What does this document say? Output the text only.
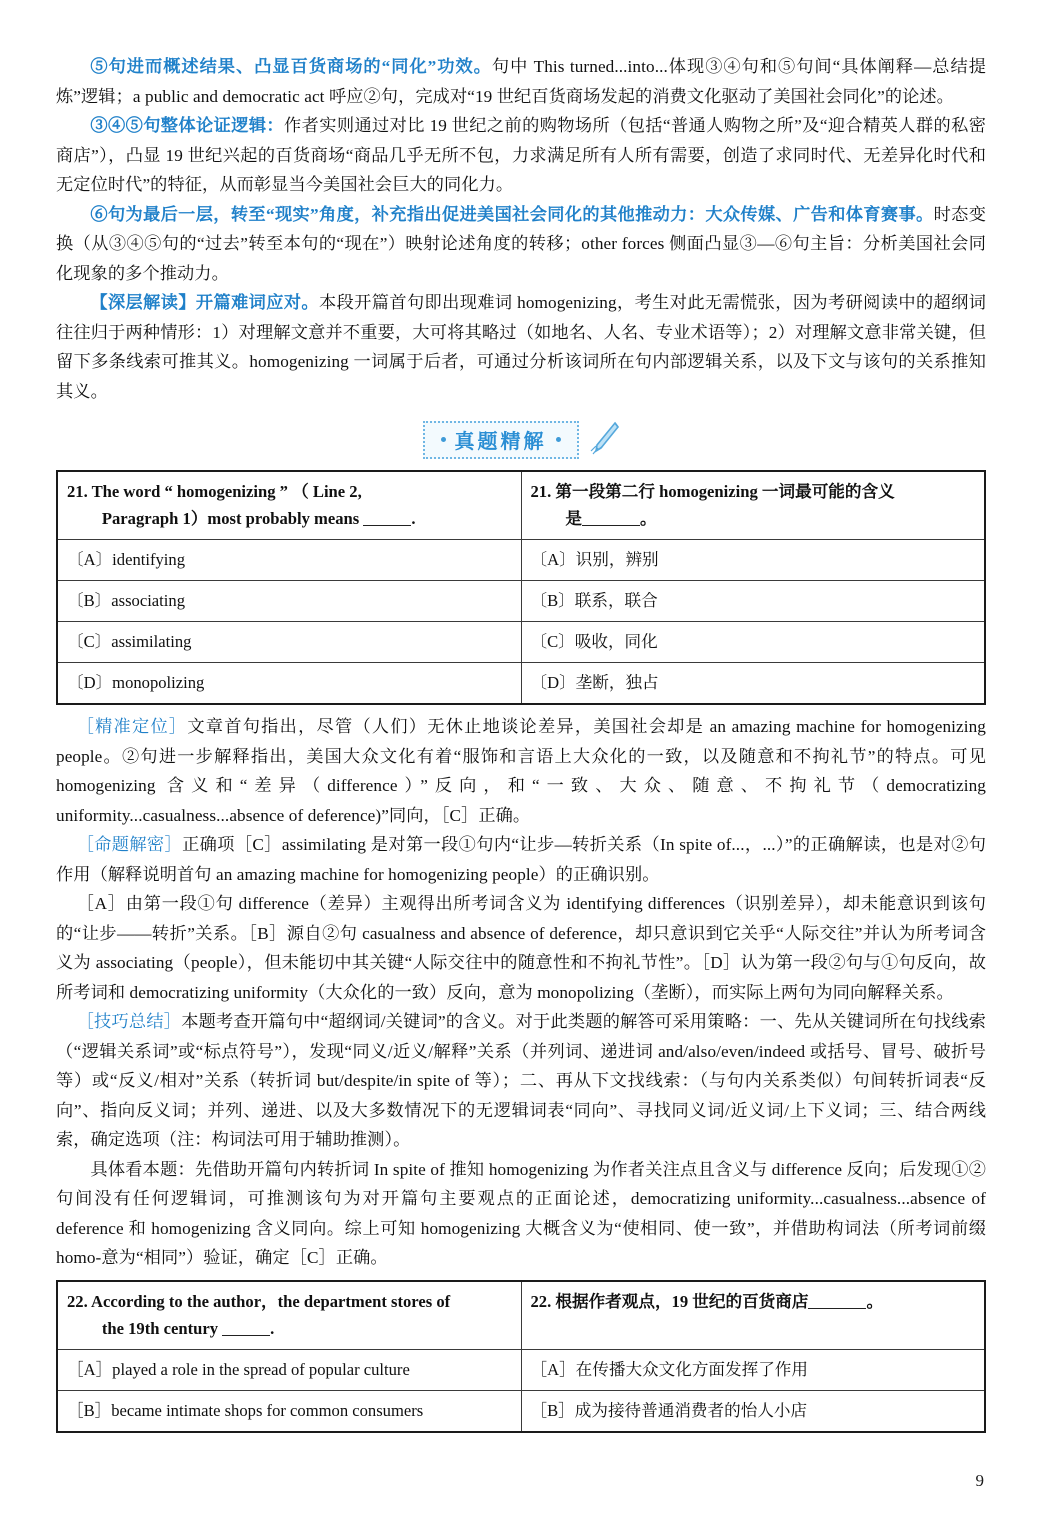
⑤句进而概述结果、凸显百货商场的“同化”功效。句中 This turned...into...体现③④句和⑤句间“具体阐释—总结提炼”逻辑；a public and democratic act 呼应②句，完成对“19 世纪百货商场发起的消费文化驱动了美国社会同化”的论述。

③④⑤句整体论证逻辑：作者实则通过对比 19 世纪之前的购物场所（包括“普通人购物之所”及“迎合精英人群的私密商店”），凸显 19 世纪兴起的百货商场“商品几乎无所不包，力求满足所有人所有需要，创造了求同时代、无差异化时代和无定位时代”的特征，从而彰显当今美国社会巨大的同化力。

⑥句为最后一层，转至“现实”角度，补充指出促进美国社会同化的其他推动力：大众传媒、广告和体育赛事。时态变换（从③④⑤句的“过去”转至本句的“现在”）映射论述角度的转移；other forces 侧面凸显③—⑥句主旨：分析美国社会同化现象的多个推动力。

【深层解读】开篇难词应对。本段开篇首句即出现难词 homogenizing，考生对此无需慌张，因为考研阅读中的超纲词往往归于两种情形：1）对理解文意并不重要，大可将其略过（如地名、人名、专业术语等）；2）对理解文意非常关键，但留下多条线索可推其义。homogenizing 一词属于后者，可通过分析该词所在句内部逻辑关系，以及下文与该句的关系推知其义。

真题精解
21. The word “ homogenizing ” （ Line 2,
Paragraph 1）most probably means .	21. 第一段第二行 homogenizing 一词最可能的含义
是 。

〔A〕identifying	〔A〕识别，辨别
〔B〕associating	〔B〕联系，联合
〔C〕assimilating	〔C〕吸收，同化
〔D〕monopolizing	〔D〕垄断，独占

［精准定位］文章首句指出，尽管（人们）无休止地谈论差异，美国社会却是 an amazing machine for homogenizing people。②句进一步解释指出，美国大众文化有着“服饰和言语上大众化的一致，以及随意和不拘礼节”的特点。可见 homogenizing 含义和“差异（difference）”反向，和“一致、大众、随意、不拘礼节（democratizing uniformity...casualness...absence of deference)”同向，［C］正确。

［命题解密］正确项［C］assimilating 是对第一段①句内“让步—转折关系（In spite of...，...）”的正确解读，也是对②句作用（解释说明首句 an amazing machine for homogenizing people）的正确识别。

［A］由第一段①句 difference（差异）主观得出所考词含义为 identifying differences（识别差异），却未能意识到该句的“让步——转折”关系。［B］源自②句 casualness and absence of deference，却只意识到它关乎“人际交往”并认为所考词含义为 associating（people），但未能切中其关键“人际交往中的随意性和不拘礼节性”。［D］认为第一段②句与①句反向，故所考词和 democratizing uniformity（大众化的一致）反向，意为 monopolizing（垄断），而实际上两句为同向解释关系。

［技巧总结］本题考查开篇句中“超纲词/关键词”的含义。对于此类题的解答可采用策略：一、先从关键词所在句找线索（“逻辑关系词”或“标点符号”），发现“同义/近义/解释”关系（并列词、递进词 and/also/even/indeed 或括号、冒号、破折号等）或“反义/相对”关系（转折词 but/despite/in spite of 等）；二、再从下文找线索：（与句内关系类似）句间转折词表“反向”、指向反义词；并列、递进、以及大多数情况下的无逻辑词表“同向”、寻找同义词/近义词/上下义词；三、结合两线索，确定选项（注：构词法可用于辅助推测）。

具体看本题：先借助开篇句内转折词 In spite of 推知 homogenizing 为作者关注点且含义与 difference 反向；后发现①②句间没有任何逻辑词，可推测该句为对开篇句主要观点的正面论述，democratizing uniformity...casualness...absence of deference 和 homogenizing 含义同向。综上可知 homogenizing 大概含义为“使相同、使一致”，并借助构词法（所考词前缀 homo-意为“相同”）验证，确定［C］正确。

22. According to the author，the department stores of
the 19th century .	22. 根据作者观点，19 世纪的百货商店 。

［A］played a role in the spread of popular culture	［A］在传播大众文化方面发挥了作用
［B］became intimate shops for common consumers	［B］成为接待普通消费者的怡人小店
9
